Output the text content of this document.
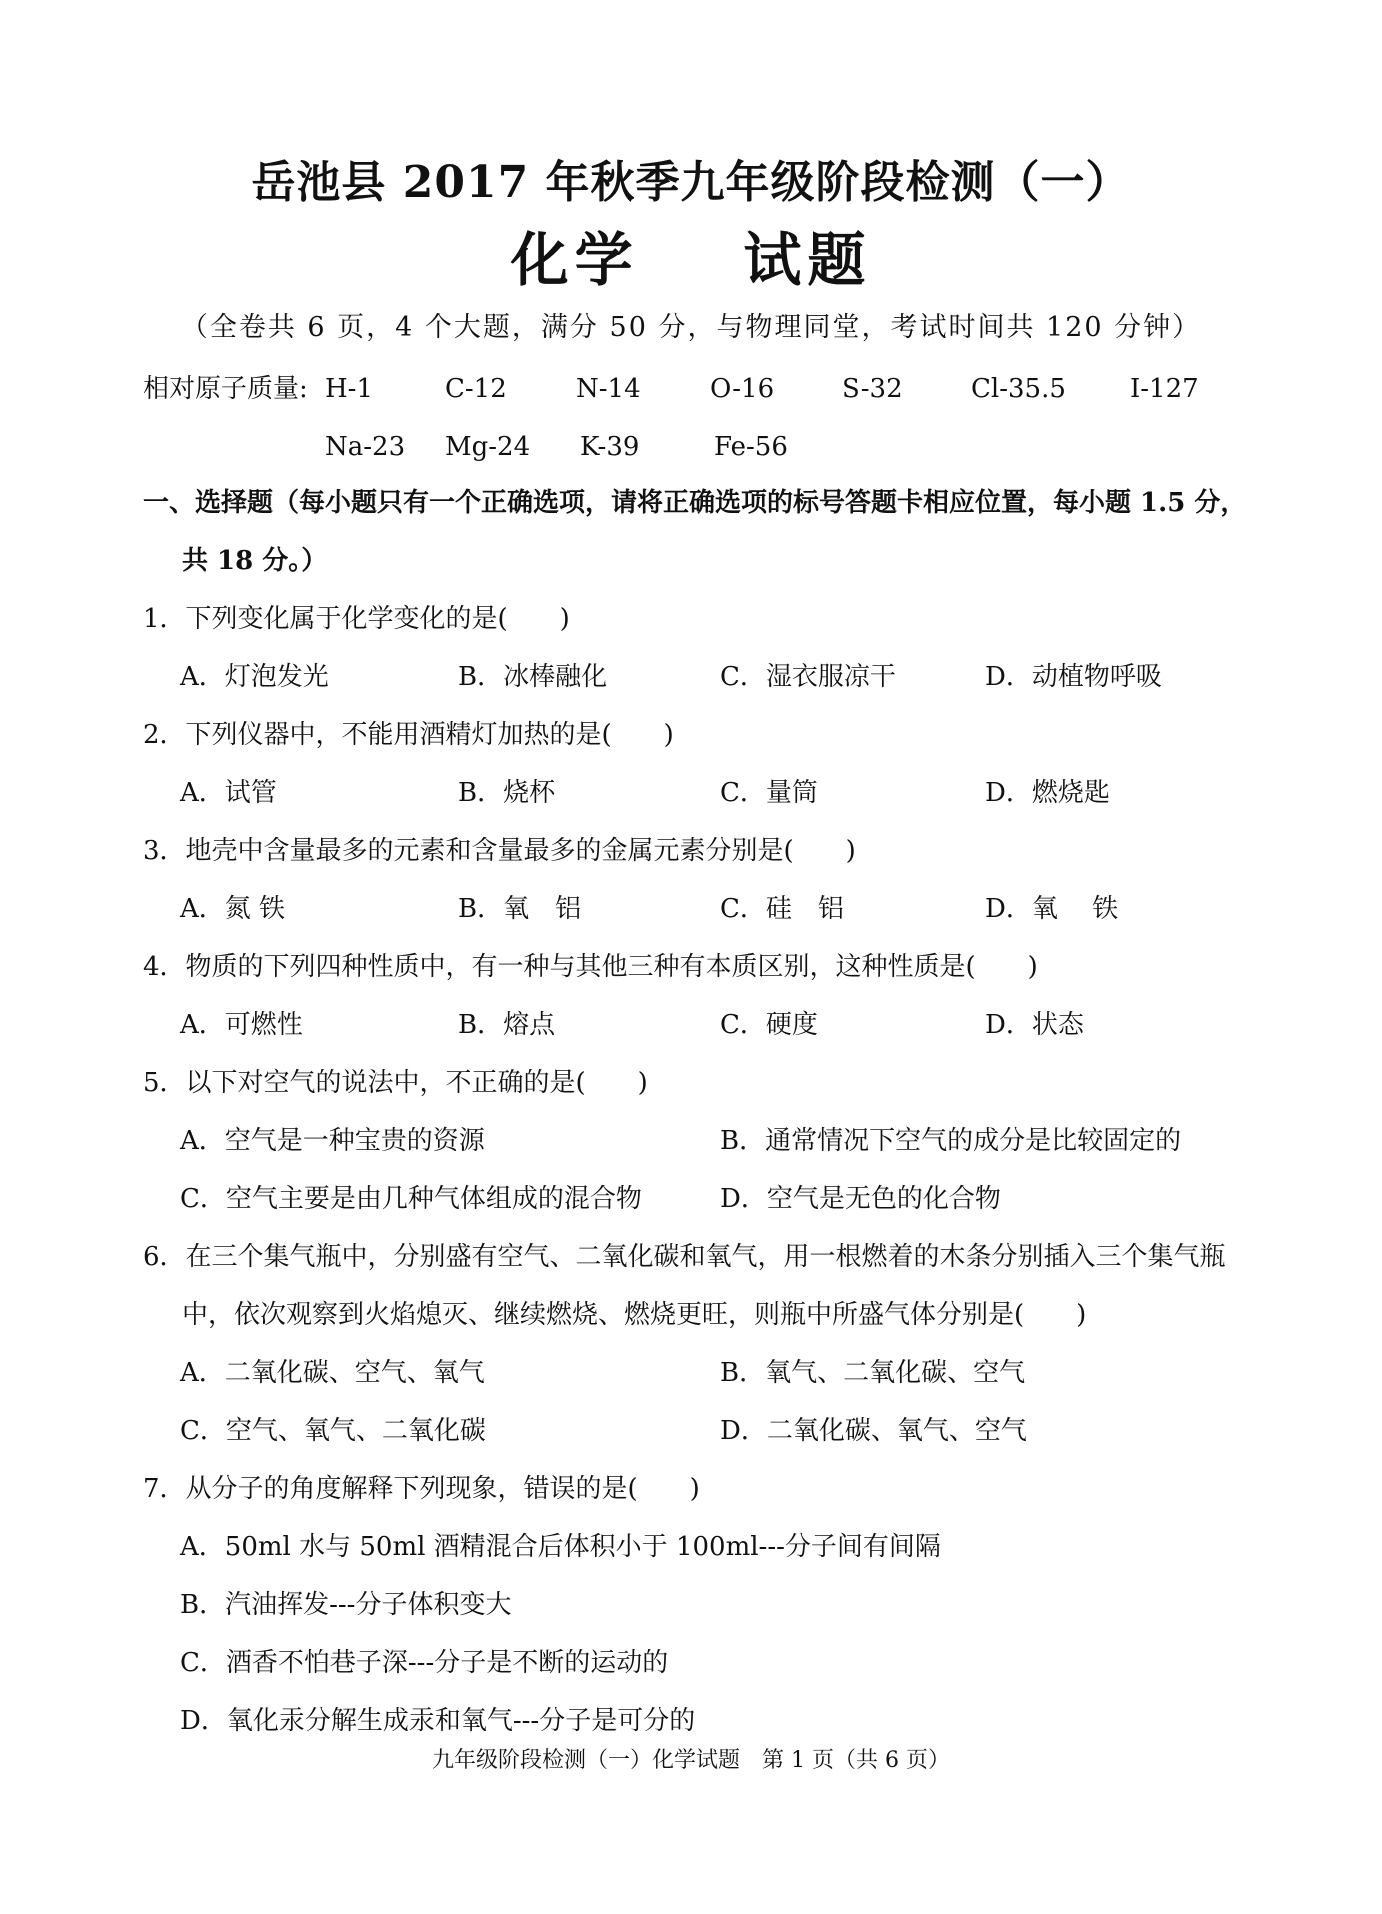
岳池县 2017 年秋季九年级阶段检测（一）
化学    试题
（全卷共 6 页，4 个大题，满分 50 分，与物理同堂，考试时间共 120 分钟）
相对原子质量: H-1	C-12	N-14	O-16	S-32	Cl-35.5 I-127
Na-23 Mg-24 K-39	Fe-56
一、选择题（每小题只有一个正确选项，请将正确选项的标号答题卡相应位置，每小题 1.5 分，
共 18 分。）
1．下列变化属于化学变化的是(　　)
A．灯泡发光	B．冰棒融化	C．湿衣服凉干	D．动植物呼吸
2．下列仪器中，不能用酒精灯加热的是(　　)
A．试管	B．烧杯	C．量筒	D．燃烧匙
3．地壳中含量最多的元素和含量最多的金属元素分别是(　　)
A．氮 铁	B．氧　铝	C．硅　铝	D．氧　 铁
4．物质的下列四种性质中，有一种与其他三种有本质区别，这种性质是(　　)
A．可燃性	B．熔点	C．硬度	D．状态
5．以下对空气的说法中，不正确的是(　　)
A．空气是一种宝贵的资源	B．通常情况下空气的成分是比较固定的
C．空气主要是由几种气体组成的混合物	D．空气是无色的化合物
6．在三个集气瓶中，分别盛有空气、二氧化碳和氧气，用一根燃着的木条分别插入三个集气瓶
中，依次观察到火焰熄灭、继续燃烧、燃烧更旺，则瓶中所盛气体分别是(　　)
A．二氧化碳、空气、氧气	B．氧气、二氧化碳、空气
C．空气、氧气、二氧化碳	D．二氧化碳、氧气、空气
7．从分子的角度解释下列现象，错误的是(　　)
A．50ml 水与 50ml 酒精混合后体积小于 100ml---分子间有间隔
B．汽油挥发---分子体积变大
C．酒香不怕巷子深---分子是不断的运动的
D．氧化汞分解生成汞和氧气---分子是可分的
九年级阶段检测（一）化学试题　第 1 页（共 6 页）
